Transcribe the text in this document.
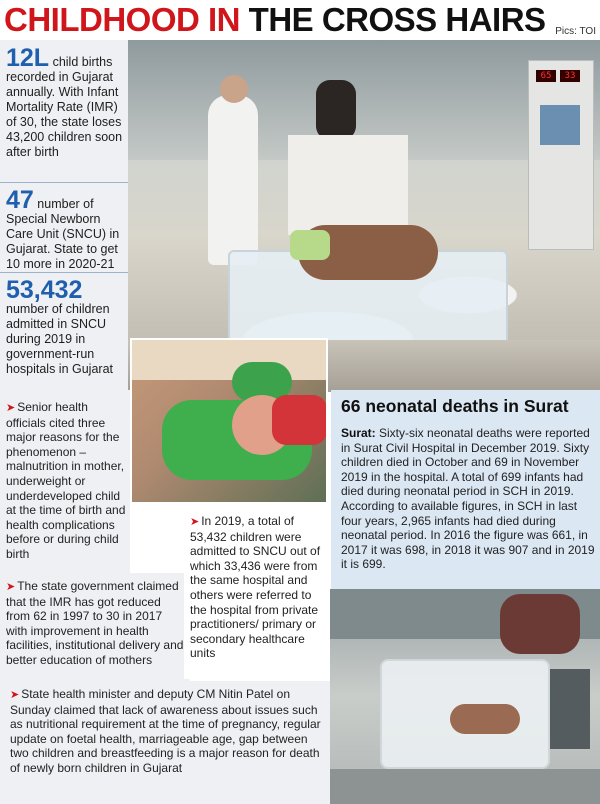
CHILDHOOD IN THE CROSS HAIRS Pics: TOI
65	33
12L child births recorded in Gujarat annually. With Infant Mortality Rate (IMR) of 30, the state loses 43,200 children soon after birth
47 number of Special Newborn Care Unit (SNCU) in Gujarat. State to get 10 more in 2020-21
53,432
number of children admitted in SNCU during 2019 in government-run hospitals in Gujarat
➤ Senior health officials cited three major reasons for the phenomenon – malnutrition in mother, underweight or underdeveloped child at the time of birth and health complications before or during child birth
66 neonatal deaths in Surat
Surat: Sixty-six neonatal deaths were reported in Surat Civil Hospital in December 2019. Sixty children died in October and 69 in November 2019 in the hospital. A total of 699 infants had died during neonatal period in SCH in 2019. According to available figures, in SCH in last four years, 2,965 infants had died during neonatal period. In 2016 the figure was 661, in 2017 it was 698, in 2018 it was 907 and in 2019 it is 699.
➤ The state government claimed that the IMR has got reduced from 62 in 1997 to 30 in 2017 with improvement in health facilities, institutional delivery and better education of mothers
➤ In 2019, a total of 53,432 children were admitted to SNCU out of which 33,436 were from the same hospital and others were referred to the hospital from private practitioners/ primary or secondary healthcare units
➤ State health minister and deputy CM Nitin Patel on Sunday claimed that lack of awareness about issues such as nutritional requirement at the time of pregnancy, regular update on foetal health, marriageable age, gap between two children and breastfeeding is a major reason for death of newly born children in Gujarat
